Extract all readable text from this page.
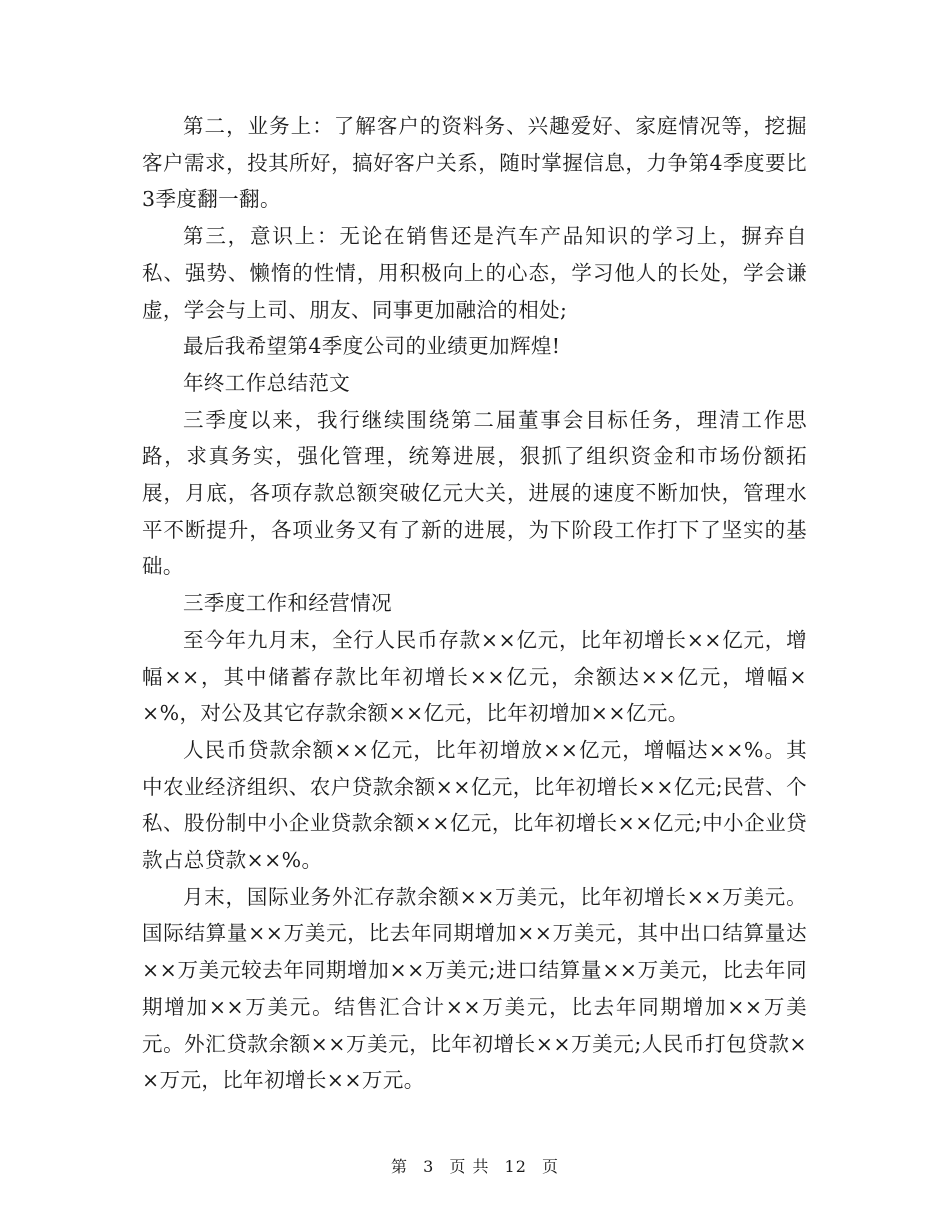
第二，业务上：了解客户的资料务、兴趣爱好、家庭情况等，挖掘客户需求，投其所好，搞好客户关系，随时掌握信息，力争第4季度要比3季度翻一翻。

第三，意识上：无论在销售还是汽车产品知识的学习上，摒弃自私、强势、懒惰的性情，用积极向上的心态，学习他人的长处，学会谦虚，学会与上司、朋友、同事更加融洽的相处;

最后我希望第4季度公司的业绩更加辉煌!

年终工作总结范文

三季度以来，我行继续围绕第二届董事会目标任务，理清工作思路，求真务实，强化管理，统筹进展，狠抓了组织资金和市场份额拓展，月底，各项存款总额突破亿元大关，进展的速度不断加快，管理水平不断提升，各项业务又有了新的进展，为下阶段工作打下了坚实的基础。

三季度工作和经营情况

至今年九月末，全行人民币存款××亿元，比年初增长××亿元，增幅××，其中储蓄存款比年初增长××亿元，余额达××亿元，增幅××%，对公及其它存款余额××亿元，比年初增加××亿元。

人民币贷款余额××亿元，比年初增放××亿元，增幅达××%。其中农业经济组织、农户贷款余额××亿元，比年初增长××亿元;民营、个私、股份制中小企业贷款余额××亿元，比年初增长××亿元;中小企业贷款占总贷款××%。

月末，国际业务外汇存款余额××万美元，比年初增长××万美元。国际结算量××万美元，比去年同期增加××万美元，其中出口结算量达××万美元较去年同期增加××万美元;进口结算量××万美元，比去年同期增加××万美元。结售汇合计××万美元，比去年同期增加××万美元。外汇贷款余额××万美元，比年初增长××万美元;人民币打包贷款××万元，比年初增长××万元。

第 3 页 共 12 页
